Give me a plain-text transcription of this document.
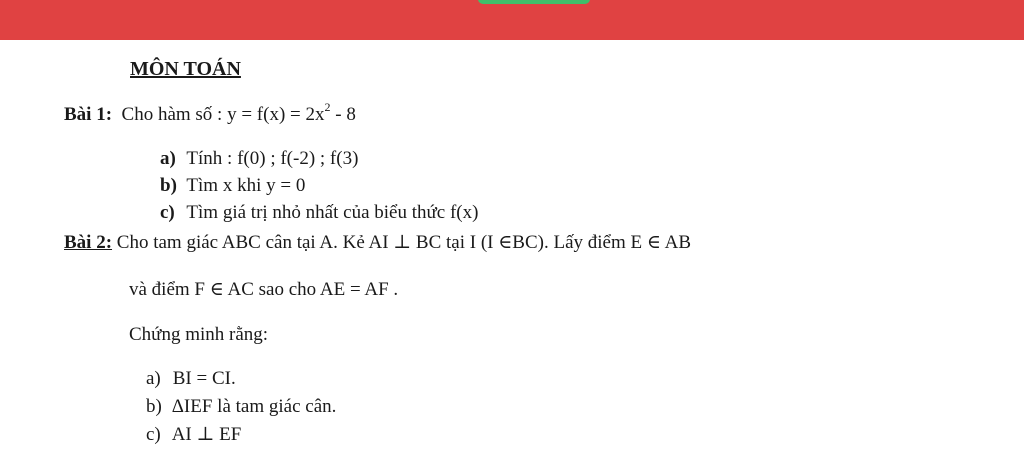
MÔN TOÁN
Bài 1: Cho hàm số : $y = f(x) = 2x^2 - 8$
a) Tính : f(0) ; f(-2) ; f(3)
b) Tìm x khi y = 0
c) Tìm giá trị nhỏ nhất của biểu thức f(x)
Bài 2: Cho tam giác ABC cân tại A. Kẻ AI ⊥ BC tại I (I ∈BC). Lấy điểm E ∈ AB
và điểm F ∈ AC sao cho AE = AF .
Chứng minh rằng:
a) BI = CI.
b) ΔIEF là tam giác cân.
c) AI ⊥ EF
